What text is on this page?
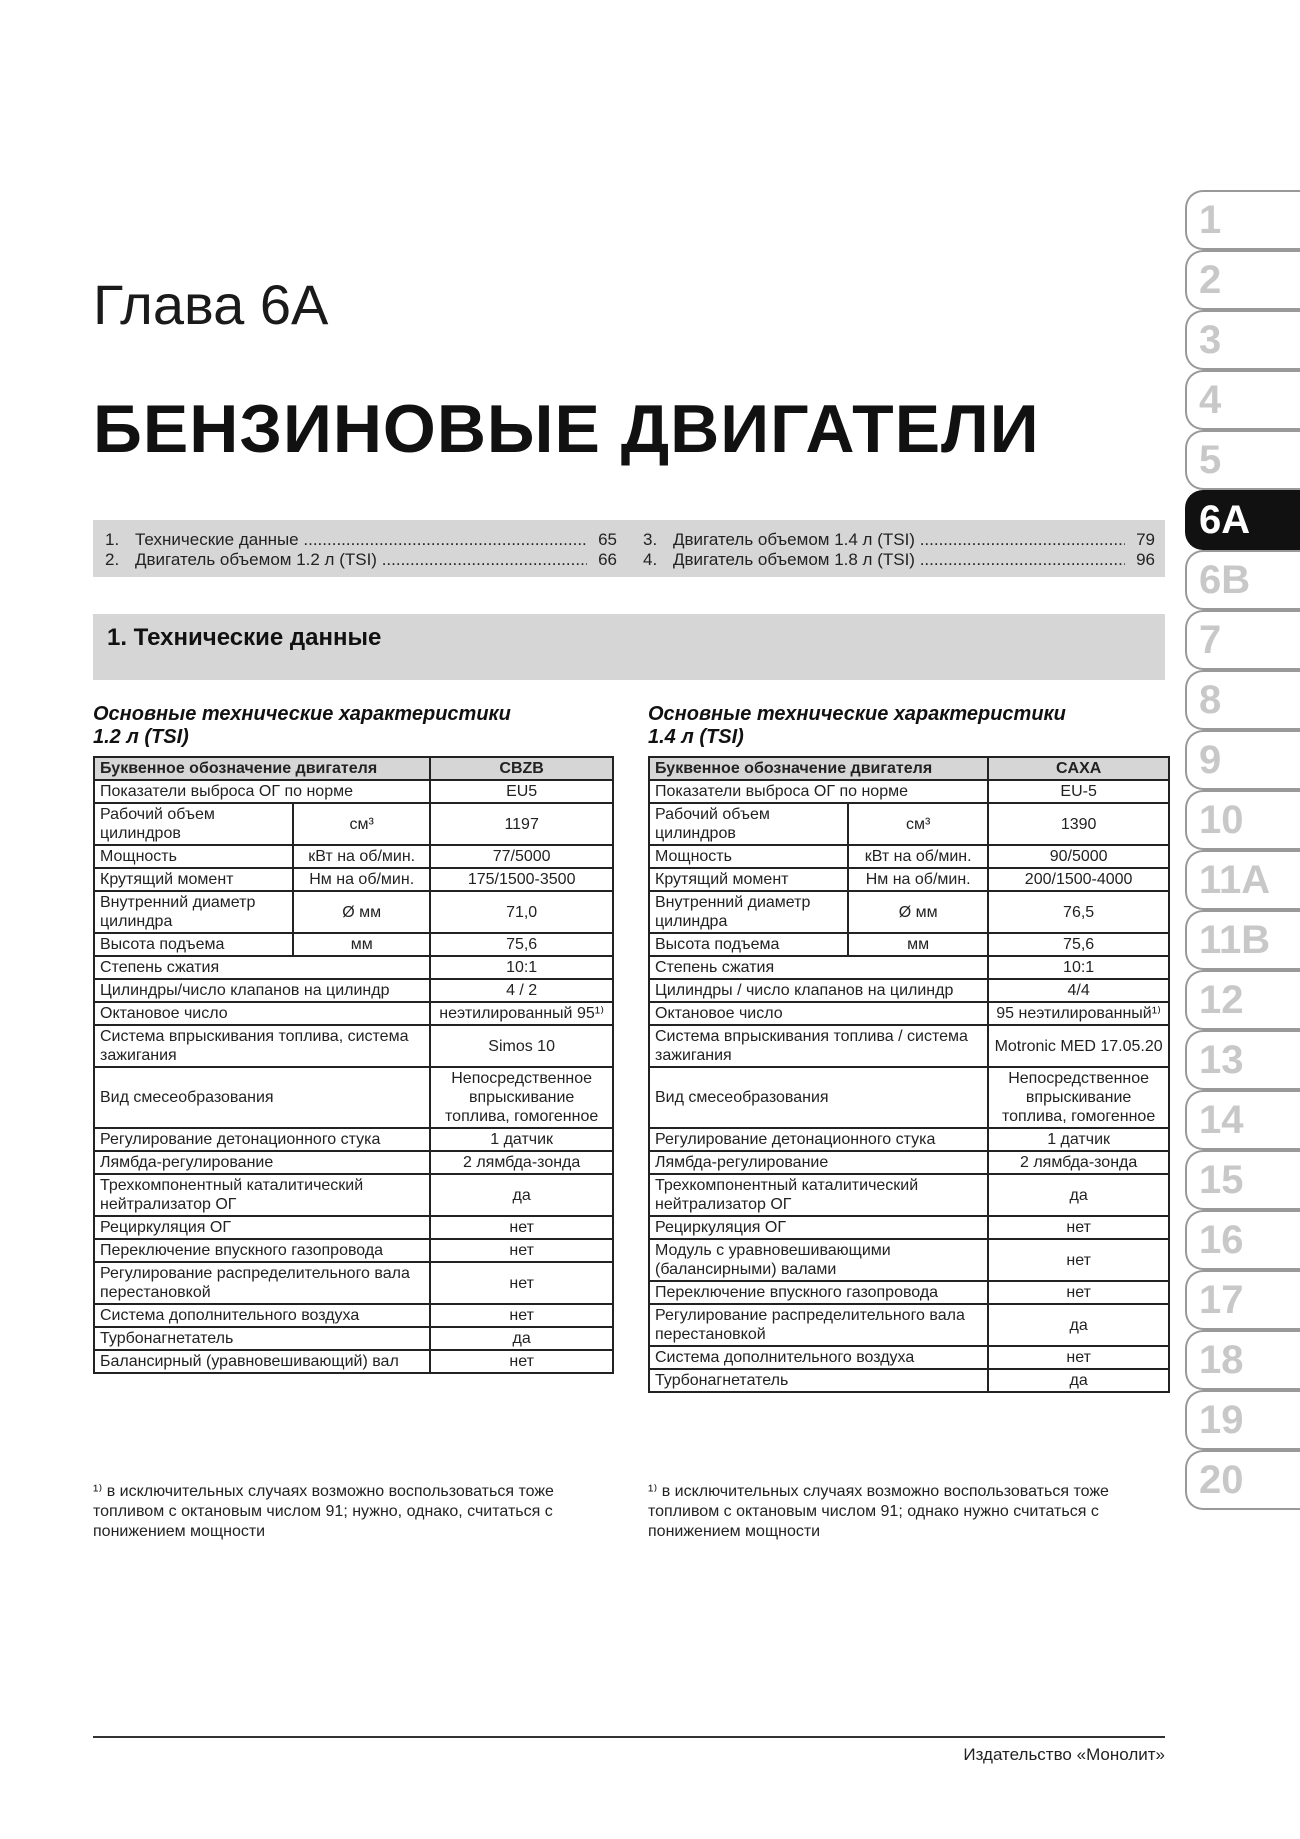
Глава 6А
БЕНЗИНОВЫЕ ДВИГАТЕЛИ
1. Технические данные .....	65
2. Двигатель объемом 1.2 л (TSI) .....	66
3. Двигатель объемом 1.4 л (TSI) .....	79
4. Двигатель объемом 1.8 л (TSI) .....	96
1. Технические данные
Основные технические характеристики
1.2 л (TSI)
Буквенное обозначение двигателя		CBZB
Показатели выброса ОГ по норме		EU5
Рабочий объем цилиндров	см³	1197
Мощность	кВт на об/мин.	77/5000
Крутящий момент	Нм на об/мин.	175/1500-3500
Внутренний диаметр цилиндра	Ø мм	71,0
Высота подъема	мм	75,6
Степень сжатия		10:1
Цилиндры/число клапанов на цилиндр		4 / 2
Октановое число		неэтилированный 95¹⁾
Система впрыскивания топлива, система зажигания		Simos 10
Вид смесеобразования		Непосредственное впрыскивание топлива, гомогенное
Регулирование детонационного стука		1 датчик
Лямбда-регулирование		2 лямбда-зонда
Трехкомпонентный каталитический нейтрализатор ОГ		да
Рециркуляция ОГ		нет
Переключение впускного газопровода		нет
Регулирование распределительного вала перестановкой		нет
Система дополнительного воздуха		нет
Турбонагнетатель		да
Балансирный (уравновешивающий) вал		нет
¹⁾ в исключительных случаях возможно воспользоваться тоже топливом с октановым числом 91; нужно, однако, считаться с понижением мощности
Основные технические характеристики
1.4 л (TSI)
Буквенное обозначение двигателя		CAXA
Показатели выброса ОГ по норме		EU-5
Рабочий объем цилиндров	см³	1390
Мощность	кВт на об/мин.	90/5000
Крутящий момент	Нм на об/мин.	200/1500-4000
Внутренний диаметр цилиндра	Ø мм	76,5
Высота подъема	мм	75,6
Степень сжатия		10:1
Цилиндры / число клапанов на цилиндр		4/4
Октановое число		95 неэтилированный¹⁾
Система впрыскивания топлива / система зажигания		Motronic MED 17.05.20
Вид смесеобразования		Непосредственное впрыскивание топлива, гомогенное
Регулирование детонационного стука		1 датчик
Лямбда-регулирование		2 лямбда-зонда
Трехкомпонентный каталитический нейтрализатор ОГ		да
Рециркуляция ОГ		нет
Модуль с уравновешивающими (балансирными) валами		нет
Переключение впускного газопровода		нет
Регулирование распределительного вала перестановкой		да
Система дополнительного воздуха		нет
Турбонагнетатель		да
¹⁾ в исключительных случаях возможно воспользоваться тоже топливом с октановым числом 91; однако нужно считаться с понижением мощности
1
2
3
4
5
6A
6B
7
8
9
10
11A
11B
12
13
14
15
16
17
18
19
20
Издательство «Монолит»
